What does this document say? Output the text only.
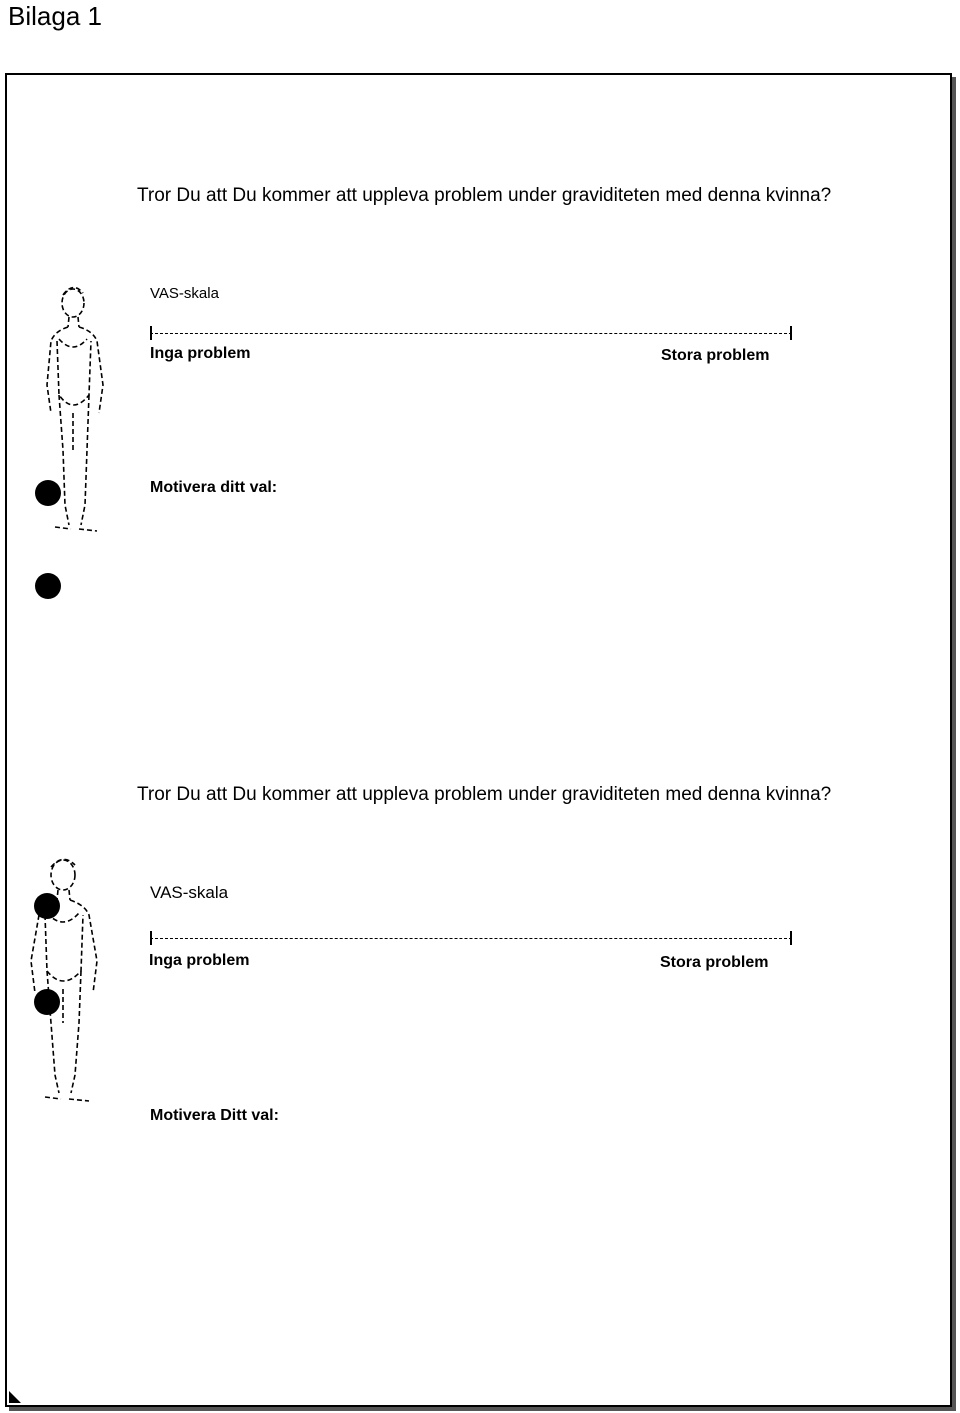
Bilaga 1

Tror Du att Du kommer att uppleva problem under graviditeten med denna kvinna?

VAS-skala
Inga problem	Stora problem
Motivera ditt val:

Tror Du att Du kommer att uppleva problem under graviditeten med denna kvinna?

VAS-skala
Inga problem	Stora problem
Motivera Ditt val:
